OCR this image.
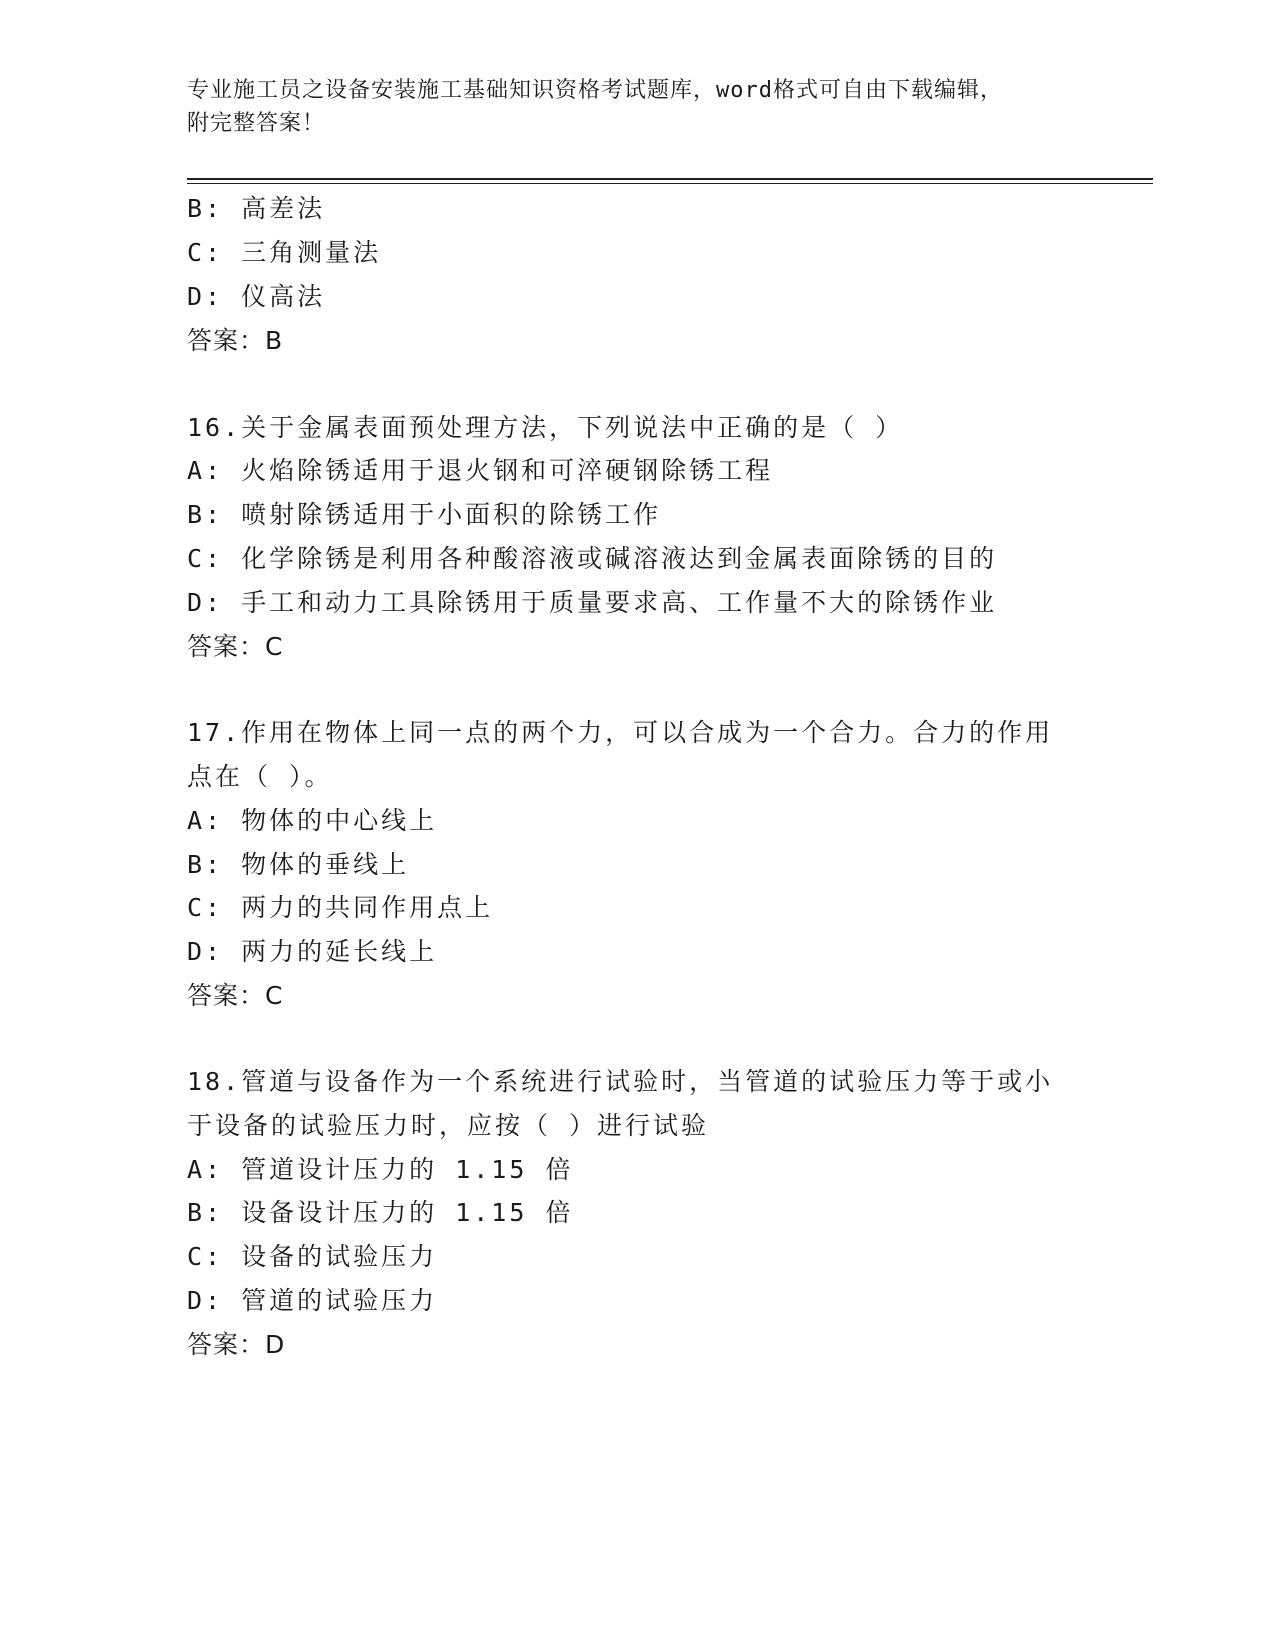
专业施工员之设备安装施工基础知识资格考试题库，word格式可自由下载编辑，
附完整答案！
B: 高差法
C: 三角测量法
D: 仪高法
答案：B
16.关于金属表面预处理方法，下列说法中正确的是（ ）
A: 火焰除锈适用于退火钢和可淬硬钢除锈工程
B: 喷射除锈适用于小面积的除锈工作
C: 化学除锈是利用各种酸溶液或碱溶液达到金属表面除锈的目的
D: 手工和动力工具除锈用于质量要求高、工作量不大的除锈作业
答案：C
17.作用在物体上同一点的两个力，可以合成为一个合力。合力的作用
点在（ ）。
A: 物体的中心线上
B: 物体的垂线上
C: 两力的共同作用点上
D: 两力的延长线上
答案：C
18.管道与设备作为一个系统进行试验时，当管道的试验压力等于或小
于设备的试验压力时，应按（ ）进行试验
A: 管道设计压力的 1.15 倍
B: 设备设计压力的 1.15 倍
C: 设备的试验压力
D: 管道的试验压力
答案：D
